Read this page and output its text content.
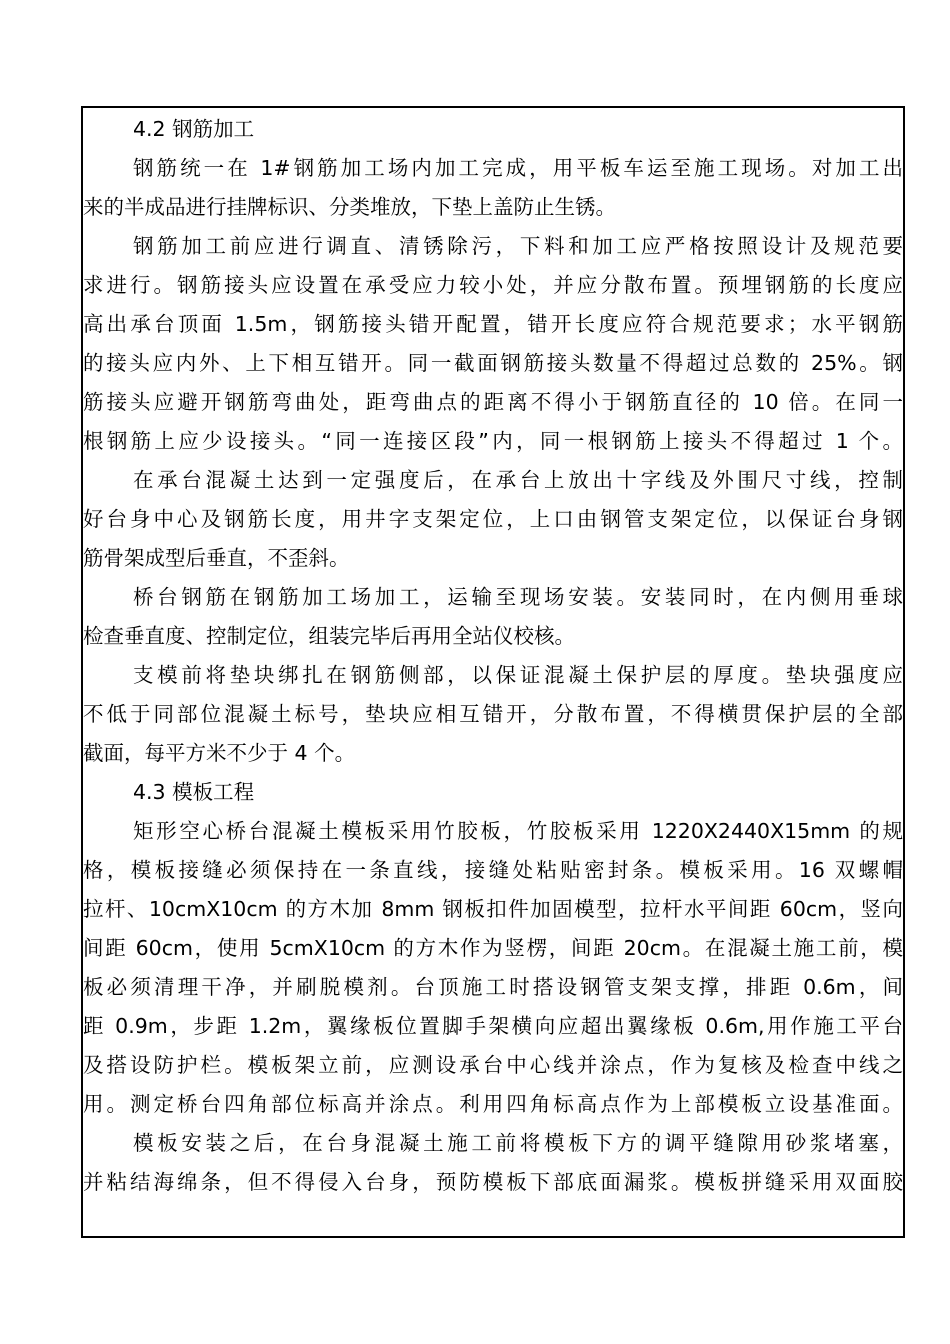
4.2 钢筋加工
钢筋统一在 1#钢筋加工场内加工完成，用平板车运至施工现场。对加工出
来的半成品进行挂牌标识、分类堆放，下垫上盖防止生锈。
钢筋加工前应进行调直、清锈除污，下料和加工应严格按照设计及规范要
求进行。钢筋接头应设置在承受应力较小处，并应分散布置。预埋钢筋的长度应
高出承台顶面 1.5m，钢筋接头错开配置，错开长度应符合规范要求；水平钢筋
的接头应内外、上下相互错开。同一截面钢筋接头数量不得超过总数的 25%。钢
筋接头应避开钢筋弯曲处，距弯曲点的距离不得小于钢筋直径的 10 倍。在同一
根钢筋上应少设接头。“同一连接区段”内，同一根钢筋上接头不得超过 1 个。
在承台混凝土达到一定强度后，在承台上放出十字线及外围尺寸线，控制
好台身中心及钢筋长度，用井字支架定位，上口由钢管支架定位，以保证台身钢
筋骨架成型后垂直，不歪斜。
桥台钢筋在钢筋加工场加工，运输至现场安装。安装同时，在内侧用垂球
检查垂直度、控制定位，组装完毕后再用全站仪校核。
支模前将垫块绑扎在钢筋侧部，以保证混凝土保护层的厚度。垫块强度应
不低于同部位混凝土标号，垫块应相互错开，分散布置，不得横贯保护层的全部
截面，每平方米不少于 4 个。
4.3 模板工程
矩形空心桥台混凝土模板采用竹胶板，竹胶板采用 1220X2440X15mm 的规
格，模板接缝必须保持在一条直线，接缝处粘贴密封条。模板采用。16 双螺帽
拉杆、10cmX10cm 的方木加 8mm 钢板扣件加固模型，拉杆水平间距 60cm，竖向
间距 60cm，使用 5cmX10cm 的方木作为竖楞，间距 20cm。在混凝土施工前，模
板必须清理干净，并刷脱模剂。台顶施工时搭设钢管支架支撑，排距 0.6m，间
距 0.9m，步距 1.2m，翼缘板位置脚手架横向应超出翼缘板 0.6m,用作施工平台
及搭设防护栏。模板架立前，应测设承台中心线并涂点，作为复核及检查中线之
用。测定桥台四角部位标高并涂点。利用四角标高点作为上部模板立设基准面。
模板安装之后，在台身混凝土施工前将模板下方的调平缝隙用砂浆堵塞，
并粘结海绵条，但不得侵入台身，预防模板下部底面漏浆。模板拼缝采用双面胶
